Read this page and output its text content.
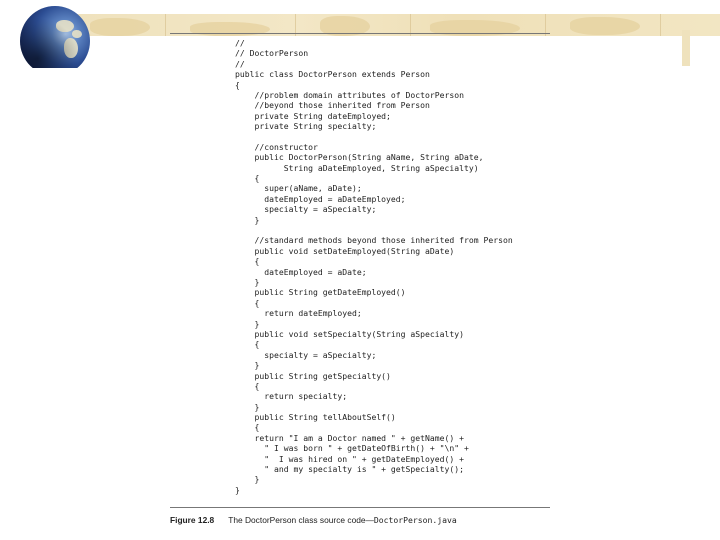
//
// DoctorPerson
//
public class DoctorPerson extends Person
{
//problem domain attributes of DoctorPerson
//beyond those inherited from Person
private String dateEmployed;
private String specialty;
//constructor
public DoctorPerson(String aName, String aDate,
String aDateEmployed, String aSpecialty)
{
super(aName, aDate);
dateEmployed = aDateEmployed;
specialty = aSpecialty;
}
//standard methods beyond those inherited from Person
public void setDateEmployed(String aDate)
{
dateEmployed = aDate;
}
public String getDateEmployed()
{
return dateEmployed;
}
public void setSpecialty(String aSpecialty)
{
specialty = aSpecialty;
}
public String getSpecialty()
{
return specialty;
}
public String tellAboutSelf()
{
return "I am a Doctor named " + getName() +
" I was born " + getDateOfBirth() + "\n" +
"  I was hired on " + getDateEmployed() +
" and my specialty is " + getSpecialty();
}
}
Figure 12.8 The DoctorPerson class source code—DoctorPerson.java
